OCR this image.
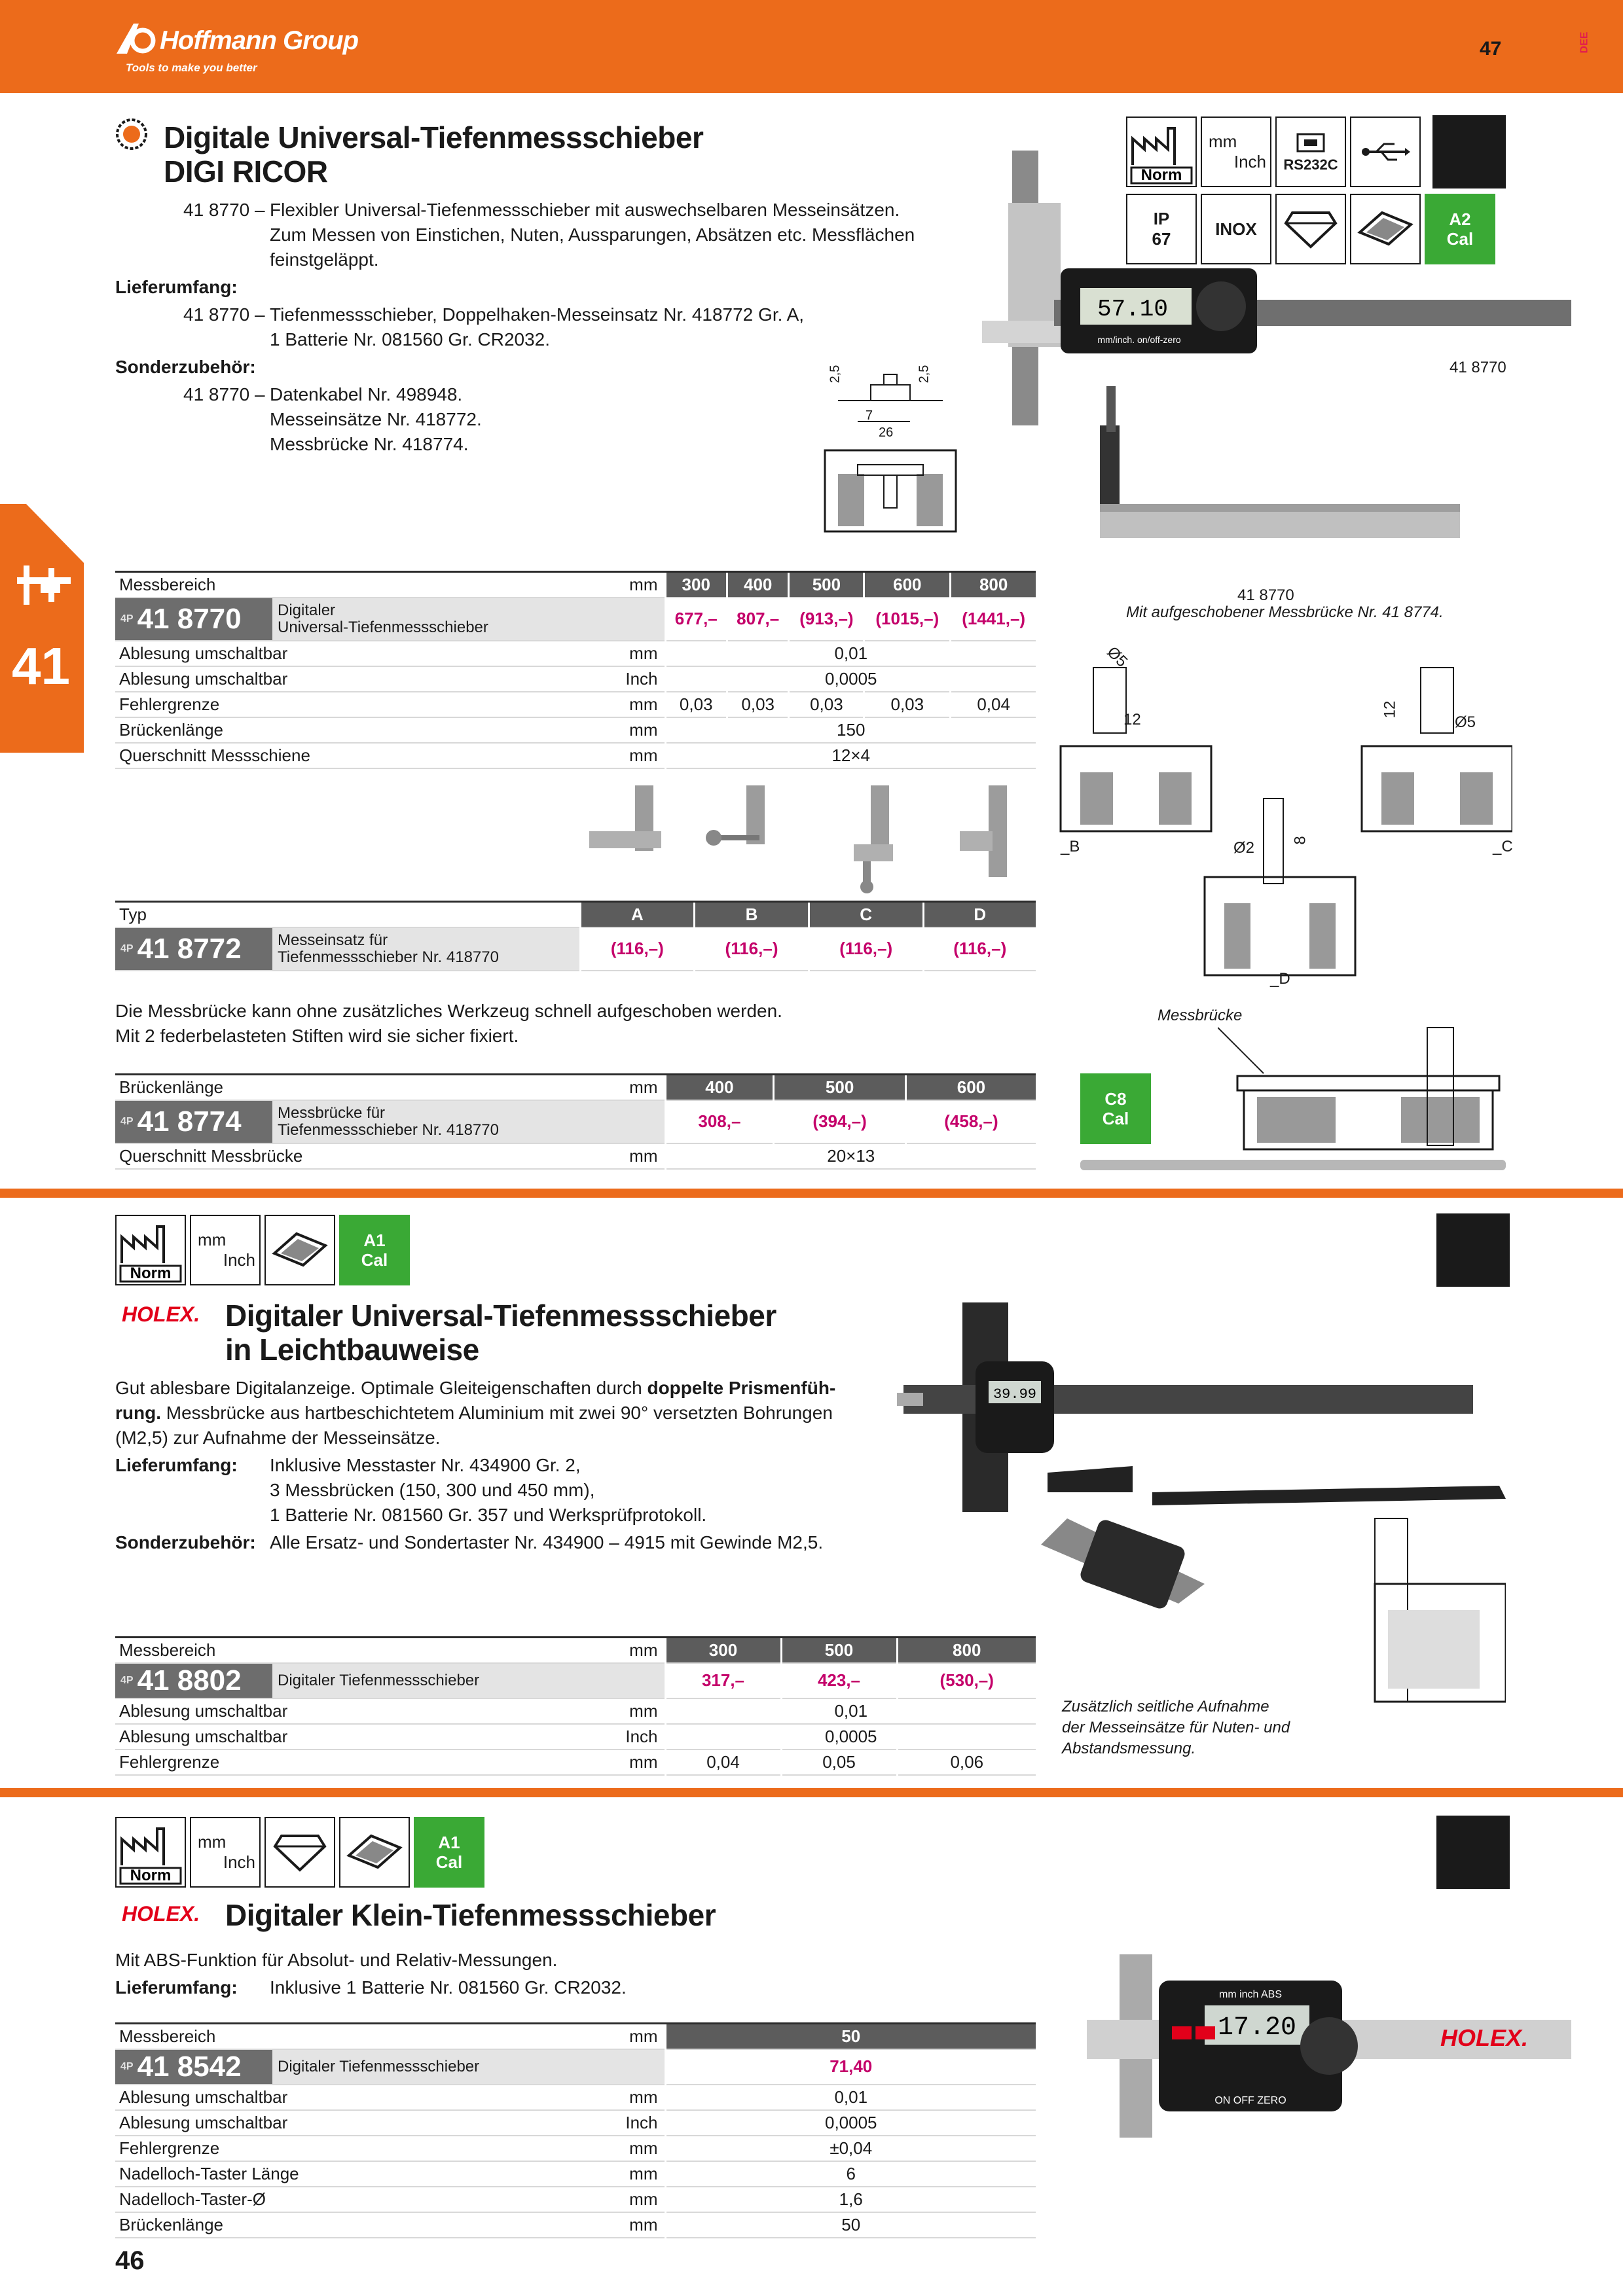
Hoffmann Group
Tools to make you better
47	DEE
41
Digitale Universal-Tiefenmessschieber
DIGI RICOR
41 8770 – Flexibler Universal-Tiefenmessschieber mit auswechselbaren Messeinsätzen.
Zum Messen von Einstichen, Nuten, Aussparungen, Absätzen etc. Messflächen
feinstgeläppt.
Lieferumfang:
41 8770 – Tiefenmessschieber, Doppelhaken-Messeinsatz Nr. 418772 Gr. A,
1 Batterie Nr. 081560 Gr. CR2032.
Sonderzubehör:
41 8770 – Datenkabel Nr. 498948.
Messeinsätze Nr. 418772.
Messbrücke Nr. 418774.
2,5	2,5
7
26
Norm
mm
Inch RS232C
IP
67
INOX	A2
Cal
57.10
mm/inch. on/off-zero
41 8770
41 8770
Mit aufgeschobener Messbrücke Nr. 41 8774.
Messbereich	mm	300	400	500	600	800

4P 41 8770 Digitaler
Universal-Tiefenmessschieber		677,–	807,–	(913,–)	(1015,–)	(1441,–)
Ablesung umschaltbar	mm	0,01				
Ablesung umschaltbar	Inch	0,0005				
Fehlergrenze	mm	0,03	0,03	0,03	0,03	0,04
Brückenlänge	mm	150				
Querschnitt Messschiene	mm	12×4				
Ø5
12
12
Ø5
_B	_C
Ø2 8
_D
Typ	A	B	C	D

4P 41 8772 Messeinsatz für
Tiefenmessschieber Nr. 418770	(116,–)	(116,–)	(116,–)	(116,–)
Die Messbrücke kann ohne zusätzliches Werkzeug schnell aufgeschoben werden.
Mit 2 federbelasteten Stiften wird sie sicher fixiert.
Messbrücke
C8
Cal
Brückenlänge	mm	400	500	600

4P 41 8774 Messbrücke für
Tiefenmessschieber Nr. 418770		308,–	(394,–)	(458,–)
Querschnitt Messbrücke	mm	20×13		
Norm
mm
Inch
A1
Cal
HOLEX. Digitaler Universal-Tiefenmessschieber
in Leichtbauweise
Gut ablesbare Digitalanzeige. Optimale Gleiteigenschaften durch doppelte Prismenfüh-
rung. Messbrücke aus hartbeschichtetem Aluminium mit zwei 90° versetzten Bohrungen
(M2,5) zur Aufnahme der Messeinsätze.
Lieferumfang: Inklusive Messtaster Nr. 434900 Gr. 2,
3 Messbrücken (150, 300 und 450 mm),
1 Batterie Nr. 081560 Gr. 357 und Werksprüfprotokoll.
Sonderzubehör: Alle Ersatz- und Sondertaster Nr. 434900 – 4915 mit Gewinde M2,5.
39.99
Zusätzlich seitliche Aufnahme
der Messeinsätze für Nuten- und
Abstandsmessung.
Messbereich	mm	300	500	800

4P 41 8802 Digitaler Tiefenmessschieber		317,–	423,–	(530,–)
Ablesung umschaltbar	mm	0,01		
Ablesung umschaltbar	Inch	0,0005		
Fehlergrenze	mm	0,04	0,05	0,06
Norm
mm
Inch
A1
Cal
HOLEX. Digitaler Klein-Tiefenmessschieber
Mit ABS-Funktion für Absolut- und Relativ-Messungen.
Lieferumfang: Inklusive 1 Batterie Nr. 081560 Gr. CR2032.	mm inch ABS
17.20
ON OFF ZERO
HOLEX.
Messbereich	mm	50

4P 41 8542 Digitaler Tiefenmessschieber		71,40
Ablesung umschaltbar	mm	0,01
Ablesung umschaltbar	Inch	0,0005
Fehlergrenze	mm	±0,04
Nadelloch-Taster Länge	mm	6
Nadelloch-Taster-Ø	mm	1,6
Brückenlänge	mm	50
46
